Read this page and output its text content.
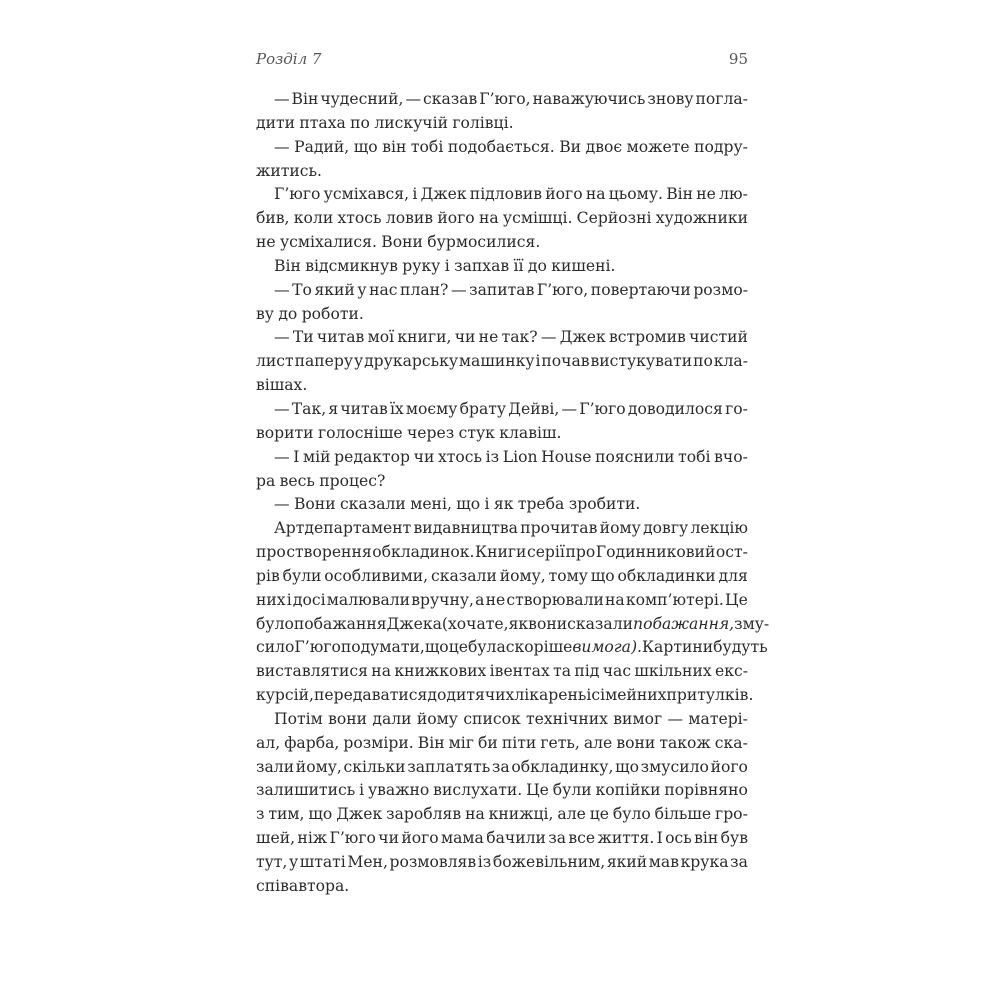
Розділ 7	95
— Він чудесний, — сказав Г’юго, наважуючись знову погла-
дити птаха по лискучій голівці.
— Радий, що він тобі подобається. Ви двоє можете подру-
житись.
Г’юго усміхався, і Джек підловив його на цьому. Він не лю-
бив, коли хтось ловив його на усмішці. Серйозні художники
не усміхалися. Вони бурмосилися.
Він відсмикнув руку і запхав її до кишені.
— То який у нас план? — запитав Г’юго, повертаючи розмо-
ву до роботи.
— Ти читав мої книги, чи не так? — Джек встромив чистий
лист паперу у друкарську машинку і почав вистукувати по кла-
вішах.
— Так, я читав їх моєму брату Дейві, — Г’юго доводилося го-
ворити голосніше через стук клавіш.
— І мій редактор чи хтось із Lion House пояснили тобі вчо-
ра весь процес?
— Вони сказали мені, що і як треба зробити.
Артдепартамент видавництва прочитав йому довгу лекцію
про створення обкладинок. Книги серії про Годинниковий ост-
рів були особливими, сказали йому, тому що обкладинки для
них і досі малювали вручну, а не створювали на комп’ютері. Це
було побажання Джека (хоча те, як вони сказали побажання, зму-
сило Г’юго подумати, що це була скоріше вимога). Картини будуть
виставлятися на книжкових івентах та під час шкільних екс-
курсій, передаватися до дитячих лікарень і сімейних притулків.
Потім вони дали йому список технічних вимог — матері-
ал, фарба, розміри. Він міг би піти геть, але вони також ска-
зали йому, скільки заплатять за обкладинку, що змусило його
залишитись і уважно вислухати. Це були копійки порівняно
з тим, що Джек заробляв на книжці, але це було більше гро-
шей, ніж Г’юго чи його мама бачили за все життя. І ось він був
тут, у штаті Мен, розмовляв із божевільним, який мав крука за
співавтора.
